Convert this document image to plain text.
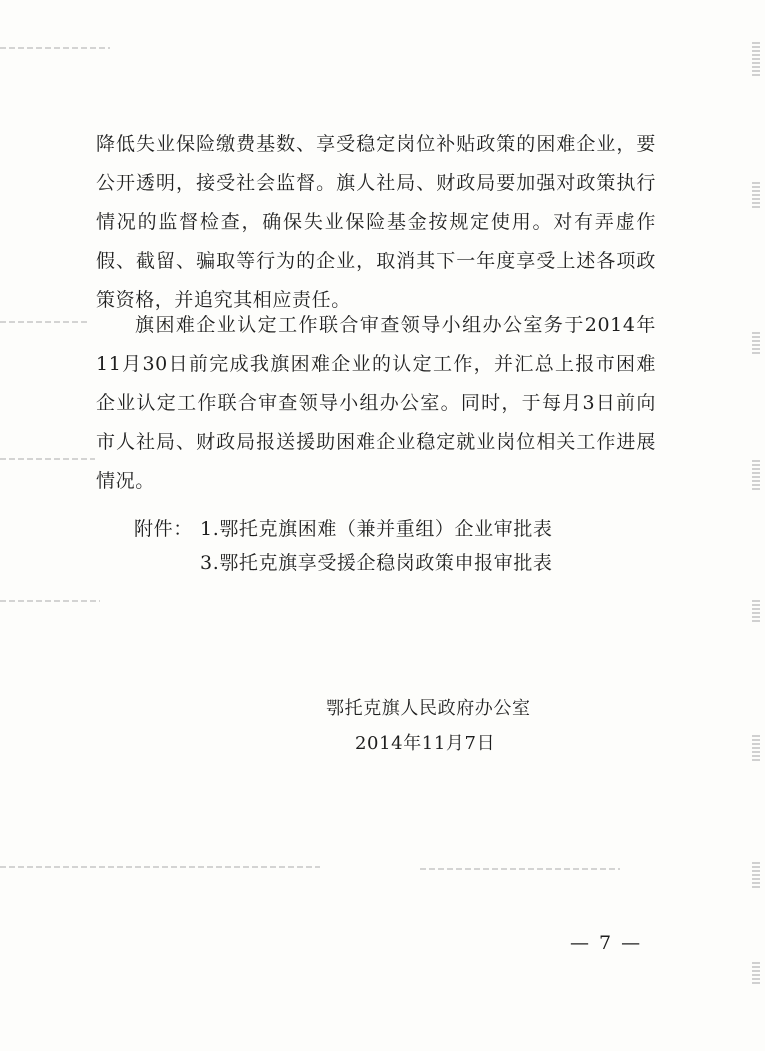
降低失业保险缴费基数、享受稳定岗位补贴政策的困难企业，要公开透明，接受社会监督。旗人社局、财政局要加强对政策执行情况的监督检查，确保失业保险基金按规定使用。对有弄虚作假、截留、骗取等行为的企业，取消其下一年度享受上述各项政策资格，并追究其相应责任。

旗困难企业认定工作联合审查领导小组办公室务于2014年11月30日前完成我旗困难企业的认定工作，并汇总上报市困难企业认定工作联合审查领导小组办公室。同时，于每月3日前向市人社局、财政局报送援助困难企业稳定就业岗位相关工作进展情况。

附件： 1.鄂托克旗困难（兼并重组）企业审批表
3.鄂托克旗享受援企稳岗政策申报审批表
鄂托克旗人民政府办公室
2014年11月7日
— 7 —
